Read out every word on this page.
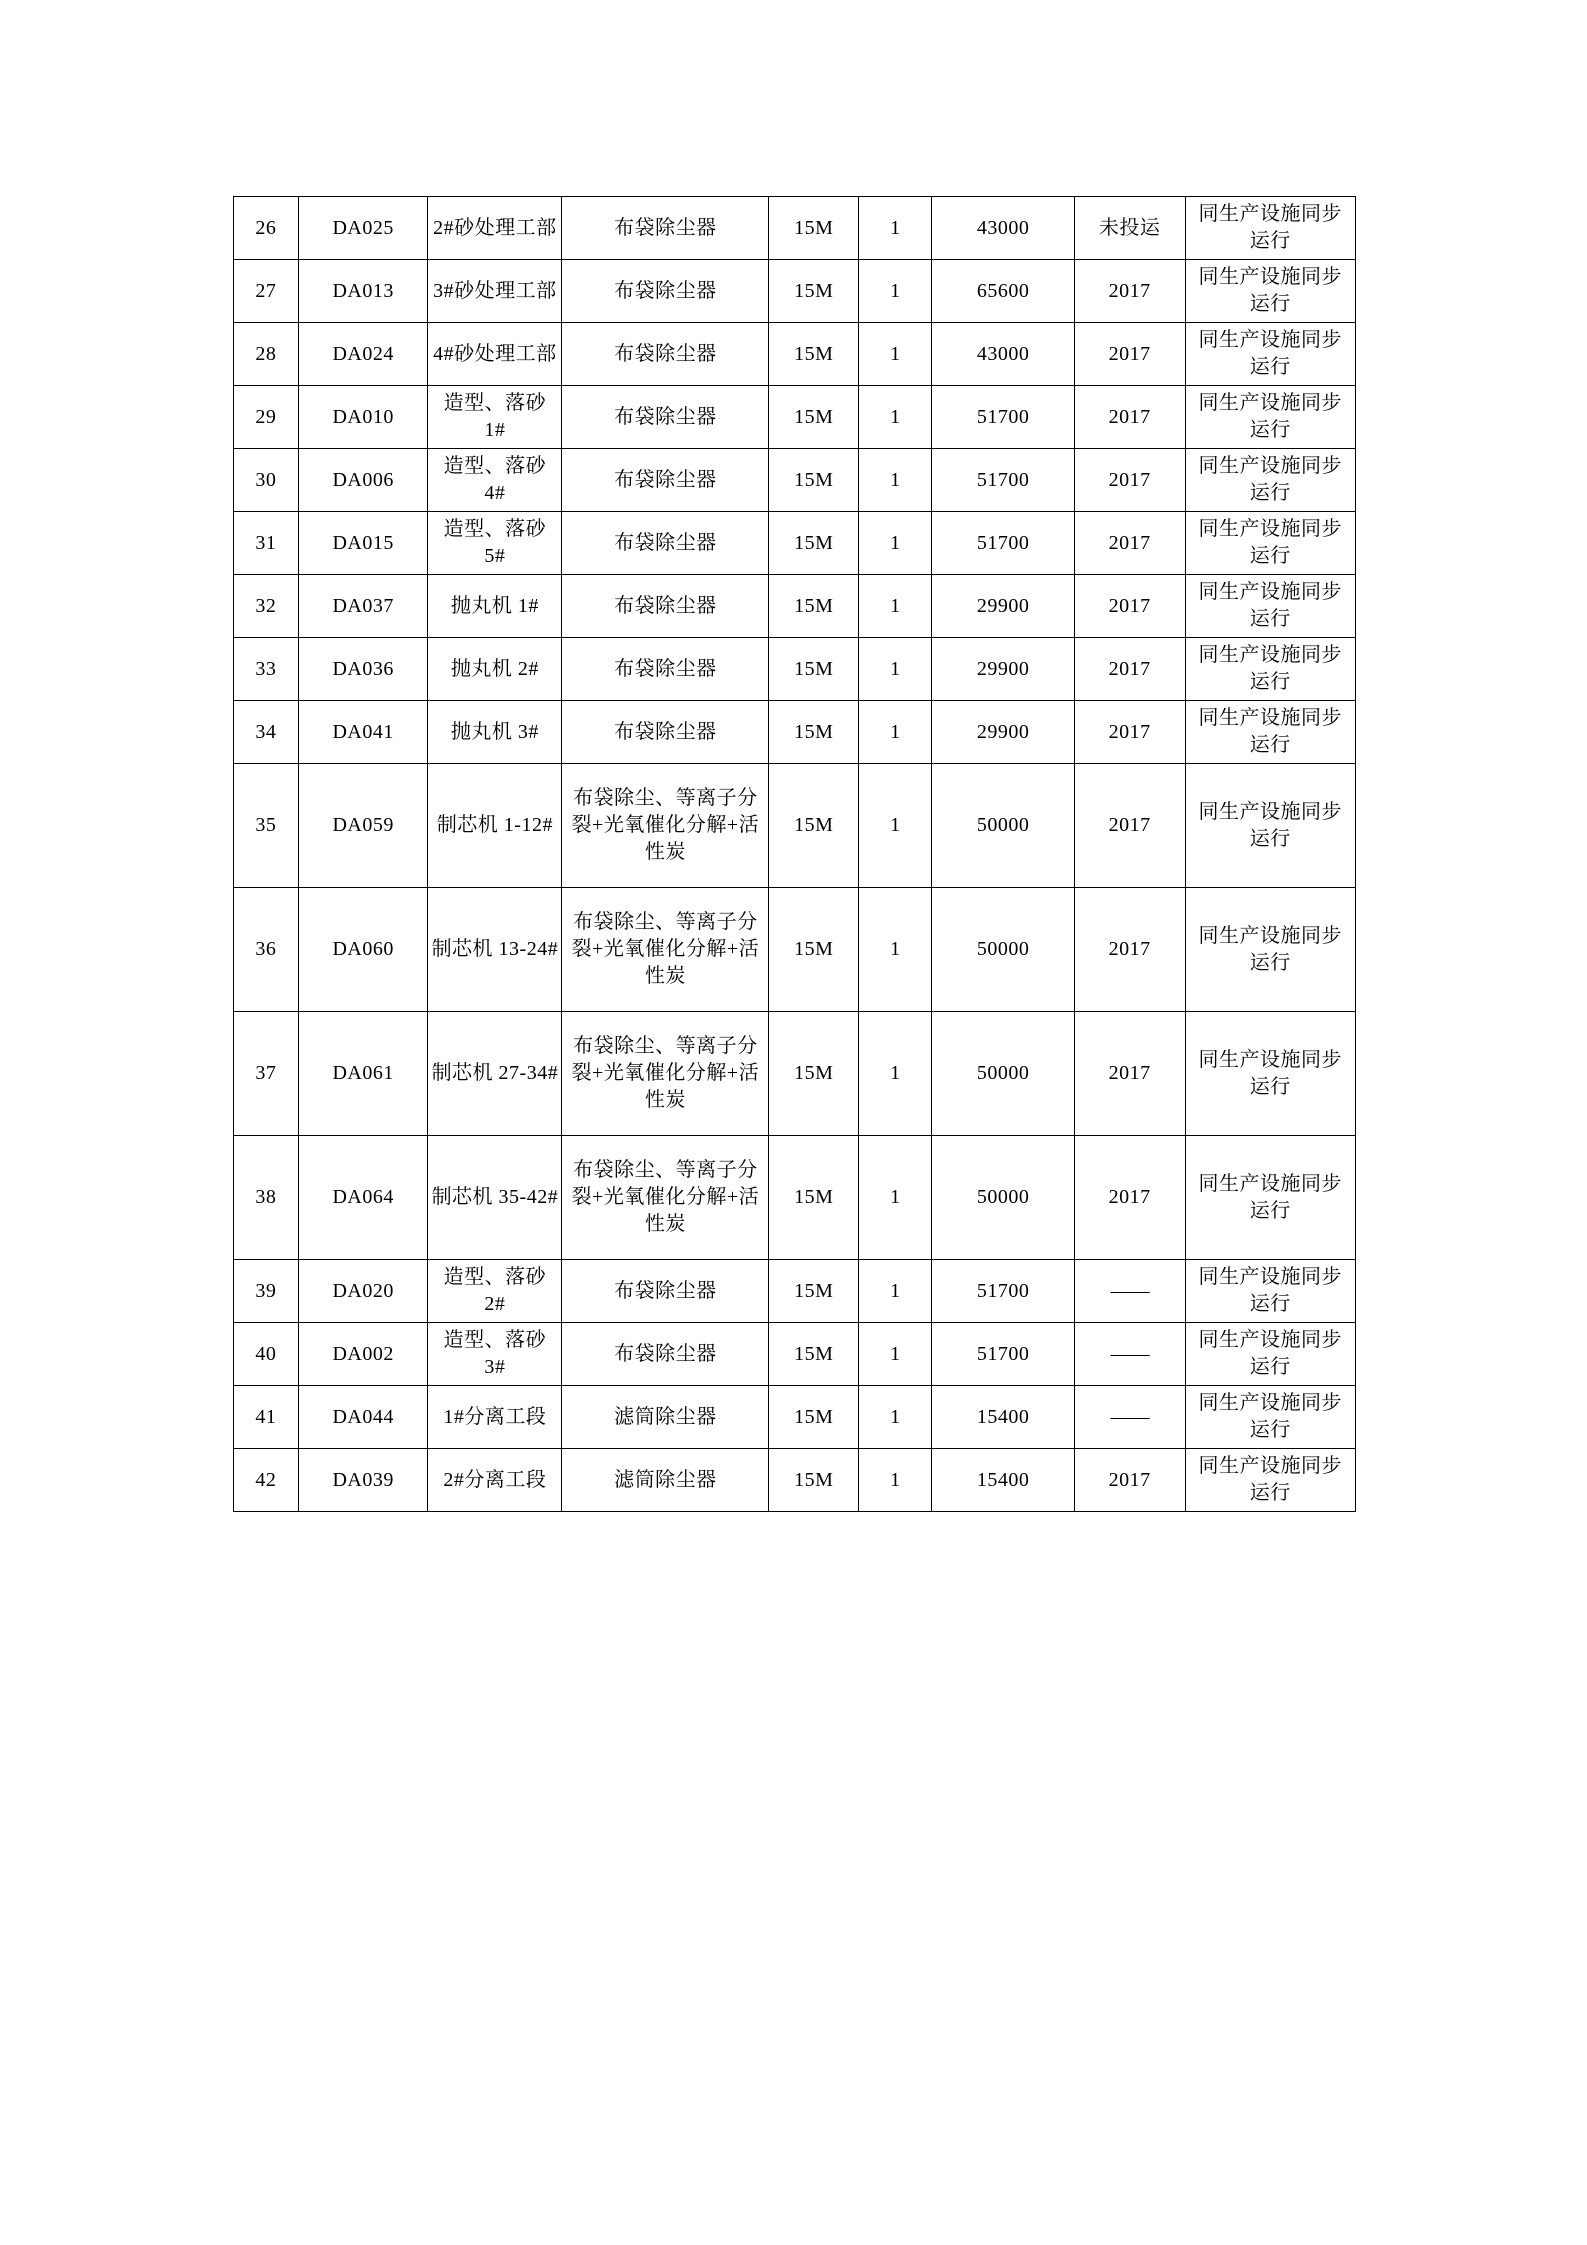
26	DA025	2#砂处理工部	布袋除尘器	15M	1	43000	未投运	同生产设施同步运行
27	DA013	3#砂处理工部	布袋除尘器	15M	1	65600	2017	同生产设施同步运行
28	DA024	4#砂处理工部	布袋除尘器	15M	1	43000	2017	同生产设施同步运行
29	DA010	造型、落砂 1#	布袋除尘器	15M	1	51700	2017	同生产设施同步运行
30	DA006	造型、落砂 4#	布袋除尘器	15M	1	51700	2017	同生产设施同步运行
31	DA015	造型、落砂 5#	布袋除尘器	15M	1	51700	2017	同生产设施同步运行
32	DA037	抛丸机 1#	布袋除尘器	15M	1	29900	2017	同生产设施同步运行
33	DA036	抛丸机 2#	布袋除尘器	15M	1	29900	2017	同生产设施同步运行
34	DA041	抛丸机 3#	布袋除尘器	15M	1	29900	2017	同生产设施同步运行
35	DA059	制芯机 1-12#	布袋除尘、等离子分裂+光氧催化分解+活性炭	15M	1	50000	2017	同生产设施同步运行
36	DA060	制芯机 13-24#	布袋除尘、等离子分裂+光氧催化分解+活性炭	15M	1	50000	2017	同生产设施同步运行
37	DA061	制芯机 27-34#	布袋除尘、等离子分裂+光氧催化分解+活性炭	15M	1	50000	2017	同生产设施同步运行
38	DA064	制芯机 35-42#	布袋除尘、等离子分裂+光氧催化分解+活性炭	15M	1	50000	2017	同生产设施同步运行
39	DA020	造型、落砂 2#	布袋除尘器	15M	1	51700	——	同生产设施同步运行
40	DA002	造型、落砂 3#	布袋除尘器	15M	1	51700	——	同生产设施同步运行
41	DA044	1#分离工段	滤筒除尘器	15M	1	15400	——	同生产设施同步运行
42	DA039	2#分离工段	滤筒除尘器	15M	1	15400	2017	同生产设施同步运行
